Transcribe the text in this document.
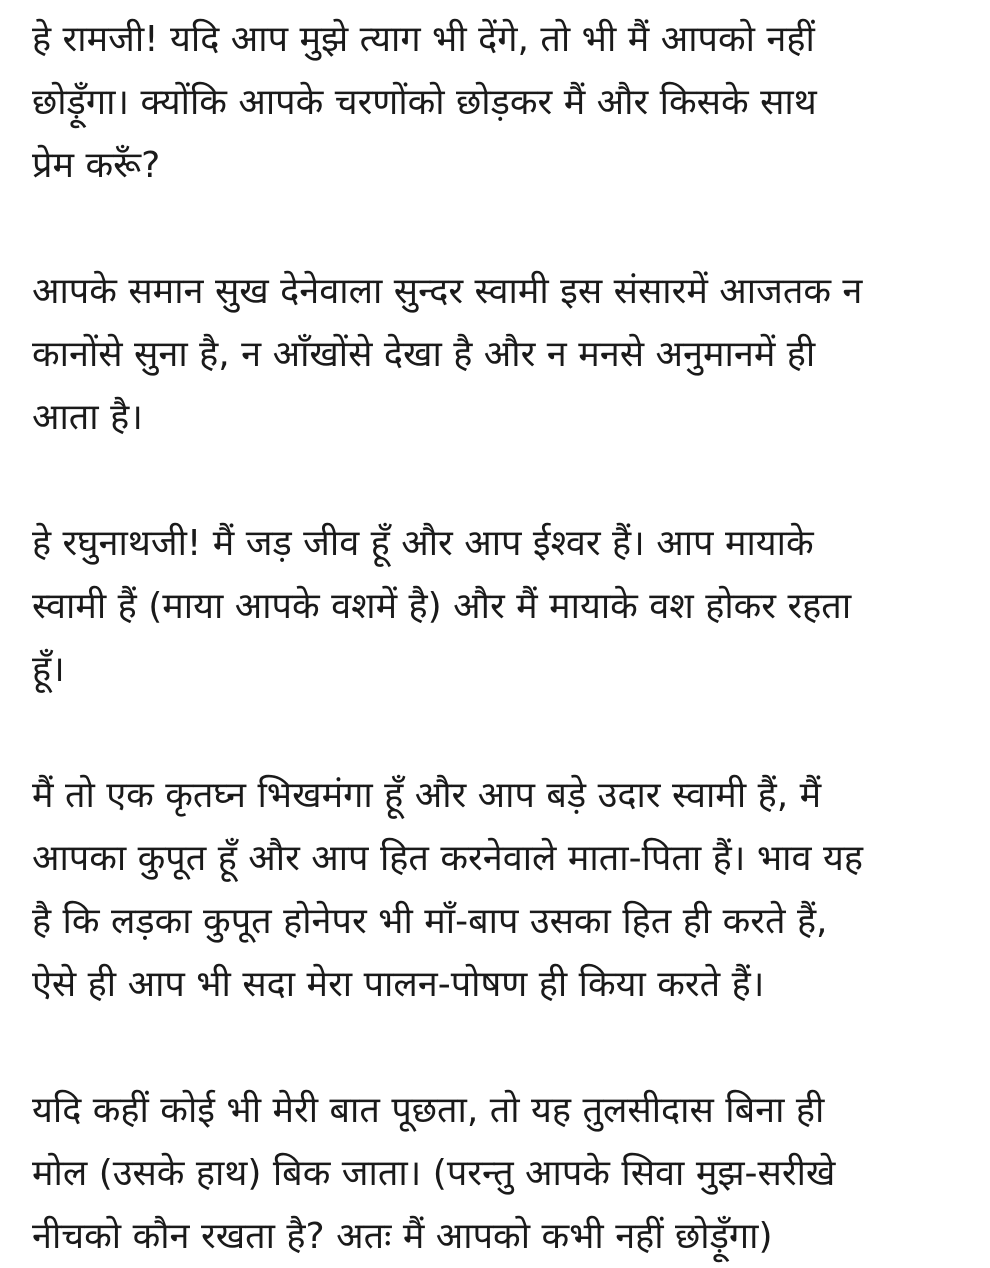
हे रामजी! यदि आप मुझे त्याग भी देंगे, तो भी मैं आपको नहीं
छोड़ूँगा। क्योंकि आपके चरणोंको छोड़कर मैं और किसके साथ
प्रेम करूँ?

आपके समान सुख देनेवाला सुन्दर स्वामी इस संसारमें आजतक न
कानोंसे सुना है, न आँखोंसे देखा है और न मनसे अनुमानमें ही
आता है।

हे रघुनाथजी! मैं जड़ जीव हूँ और आप ईश्वर हैं। आप मायाके
स्वामी हैं (माया आपके वशमें है) और मैं मायाके वश होकर रहता
हूँ।

मैं तो एक कृतघ्न भिखमंगा हूँ और आप बड़े उदार स्वामी हैं, मैं
आपका कुपूत हूँ और आप हित करनेवाले माता-पिता हैं। भाव यह
है कि लड़का कुपूत होनेपर भी माँ-बाप उसका हित ही करते हैं,
ऐसे ही आप भी सदा मेरा पालन-पोषण ही किया करते हैं।

यदि कहीं कोई भी मेरी बात पूछता, तो यह तुलसीदास बिना ही
मोल (उसके हाथ) बिक जाता। (परन्तु आपके सिवा मुझ-सरीखे
नीचको कौन रखता है? अतः मैं आपको कभी नहीं छोड़ूँगा)
